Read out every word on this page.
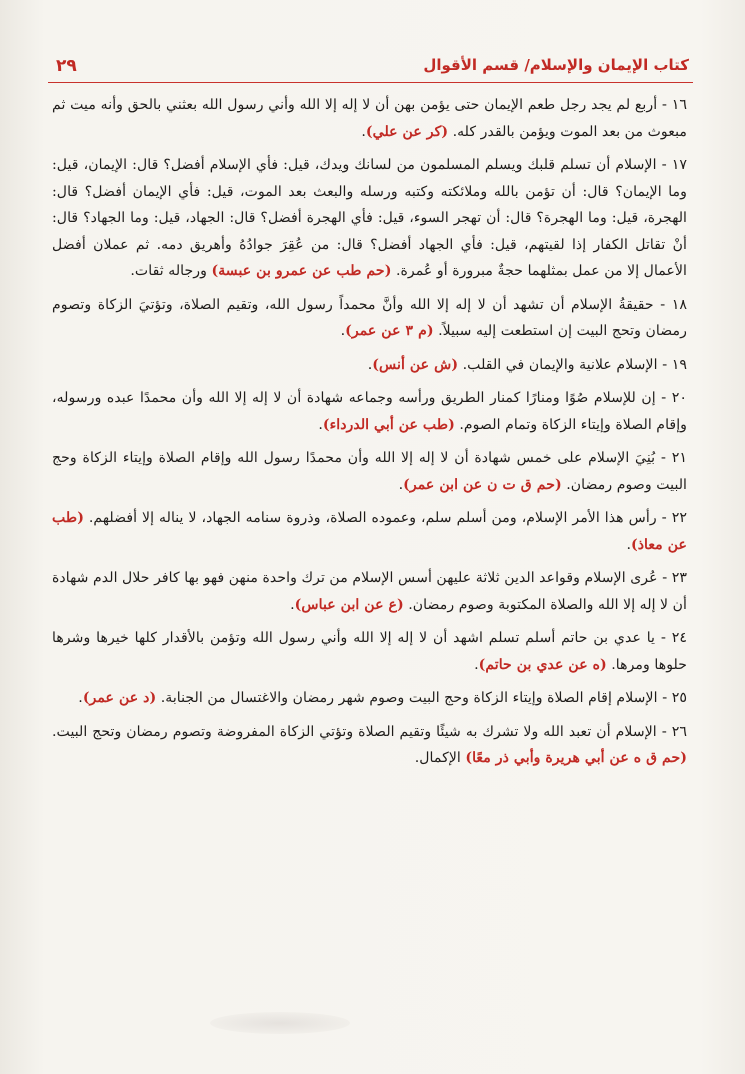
٢٩	كتاب الإيمان والإسلام/ قسم الأقوال

١٦ - أربع لم يجد رجل طعم الإيمان حتى يؤمن بهن أن لا إله إلا الله وأني رسول الله بعثني بالحق وأنه ميت ثم مبعوث من بعد الموت ويؤمن بالقدر كله. (كر عن علي).

١٧ - الإسلام أن تسلم قلبك ويسلم المسلمون من لسانك ويدك، قيل: فأي الإسلام أفضل؟ قال: الإيمان، قيل: وما الإيمان؟ قال: أن تؤمن بالله وملائكته وكتبه ورسله والبعث بعد الموت، قيل: فأي الإيمان أفضل؟ قال: الهجرة، قيل: وما الهجرة؟ قال: أن تهجر السوء، قيل: فأي الهجرة أفضل؟ قال: الجهاد، قيل: وما الجهاد؟ قال: أنْ تقاتل الكفار إذا لقيتهم، قيل: فأي الجهاد أفضل؟ قال: من عُقِرَ جوادُهُ وأهريق دمه. ثم عملان أفضل الأعمال إلا من عمل بمثلهما حجةٌ مبرورة أو عُمرة. (حم طب عن عمرو بن عبسة) ورجاله ثقات.

١٨ - حقيقةُ الإسلام أن تشهد أن لا إله إلا الله وأنَّ محمداً رسول الله، وتقيم الصلاة، وتؤتيَ الزكاة وتصوم رمضان وتحج البيت إن استطعت إليه سبيلاً. (م ٣ عن عمر).

١٩ - الإسلام علانية والإيمان في القلب. (ش عن أنس).

٢٠ - إن للإسلام صُوًا ومنارًا كمنار الطريق ورأسه وجماعه شهادة أن لا إله إلا الله وأن محمدًا عبده ورسوله، وإقام الصلاة وإيتاء الزكاة وتمام الصوم. (طب عن أبي الدرداء).

٢١ - بُنِيَ الإسلام على خمس شهادة أن لا إله إلا الله وأن محمدًا رسول الله وإقام الصلاة وإيتاء الزكاة وحج البيت وصوم رمضان. (حم ق ت ن عن ابن عمر).

٢٢ - رأس هذا الأمر الإسلام، ومن أسلم سلم، وعموده الصلاة، وذروة سنامه الجهاد، لا يناله إلا أفضلهم. (طب عن معاذ).

٢٣ - عُرى الإسلام وقواعد الدين ثلاثة عليهن أسس الإسلام من ترك واحدة منهن فهو بها كافر حلال الدم شهادة أن لا إله إلا الله والصلاة المكتوبة وصوم رمضان. (ع عن ابن عباس).

٢٤ - يا عدي بن حاتم أسلم تسلم اشهد أن لا إله إلا الله وأني رسول الله وتؤمن بالأقدار كلها خيرها وشرها حلوها ومرها. (ه عن عدي بن حاتم).

٢٥ - الإسلام إقام الصلاة وإيتاء الزكاة وحج البيت وصوم شهر رمضان والاغتسال من الجنابة. (د عن عمر).

٢٦ - الإسلام أن تعبد الله ولا تشرك به شيئًا وتقيم الصلاة وتؤتي الزكاة المفروضة وتصوم رمضان وتحج البيت. (حم ق ه عن أبي هريرة وأبي ذر معًا) الإكمال.
